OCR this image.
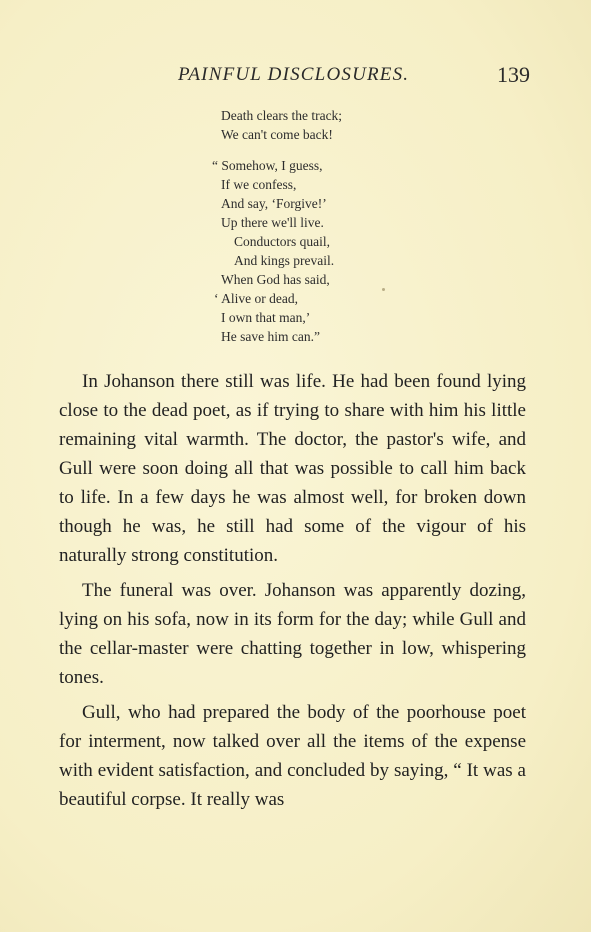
PAINFUL DISCLOSURES.	139
Death clears the track;
We can't come back!
“ Somehow, I guess,
If we confess,
And say, ‘Forgive!’
Up there we'll live.
Conductors quail,
And kings prevail.
When God has said,
‘ Alive or dead,
I own that man,’
He save him can.”

In Johanson there still was life. He had been found lying close to the dead poet, as if trying to share with him his little remaining vital warmth. The doctor, the pastor's wife, and Gull were soon doing all that was possible to call him back to life. In a few days he was almost well, for broken down though he was, he still had some of the vigour of his naturally strong constitution.

The funeral was over. Johanson was apparently dozing, lying on his sofa, now in its form for the day; while Gull and the cellar-master were chatting together in low, whispering tones.

Gull, who had prepared the body of the poorhouse poet for interment, now talked over all the items of the expense with evident satisfaction, and concluded by saying, “ It was a beautiful corpse. It really was
